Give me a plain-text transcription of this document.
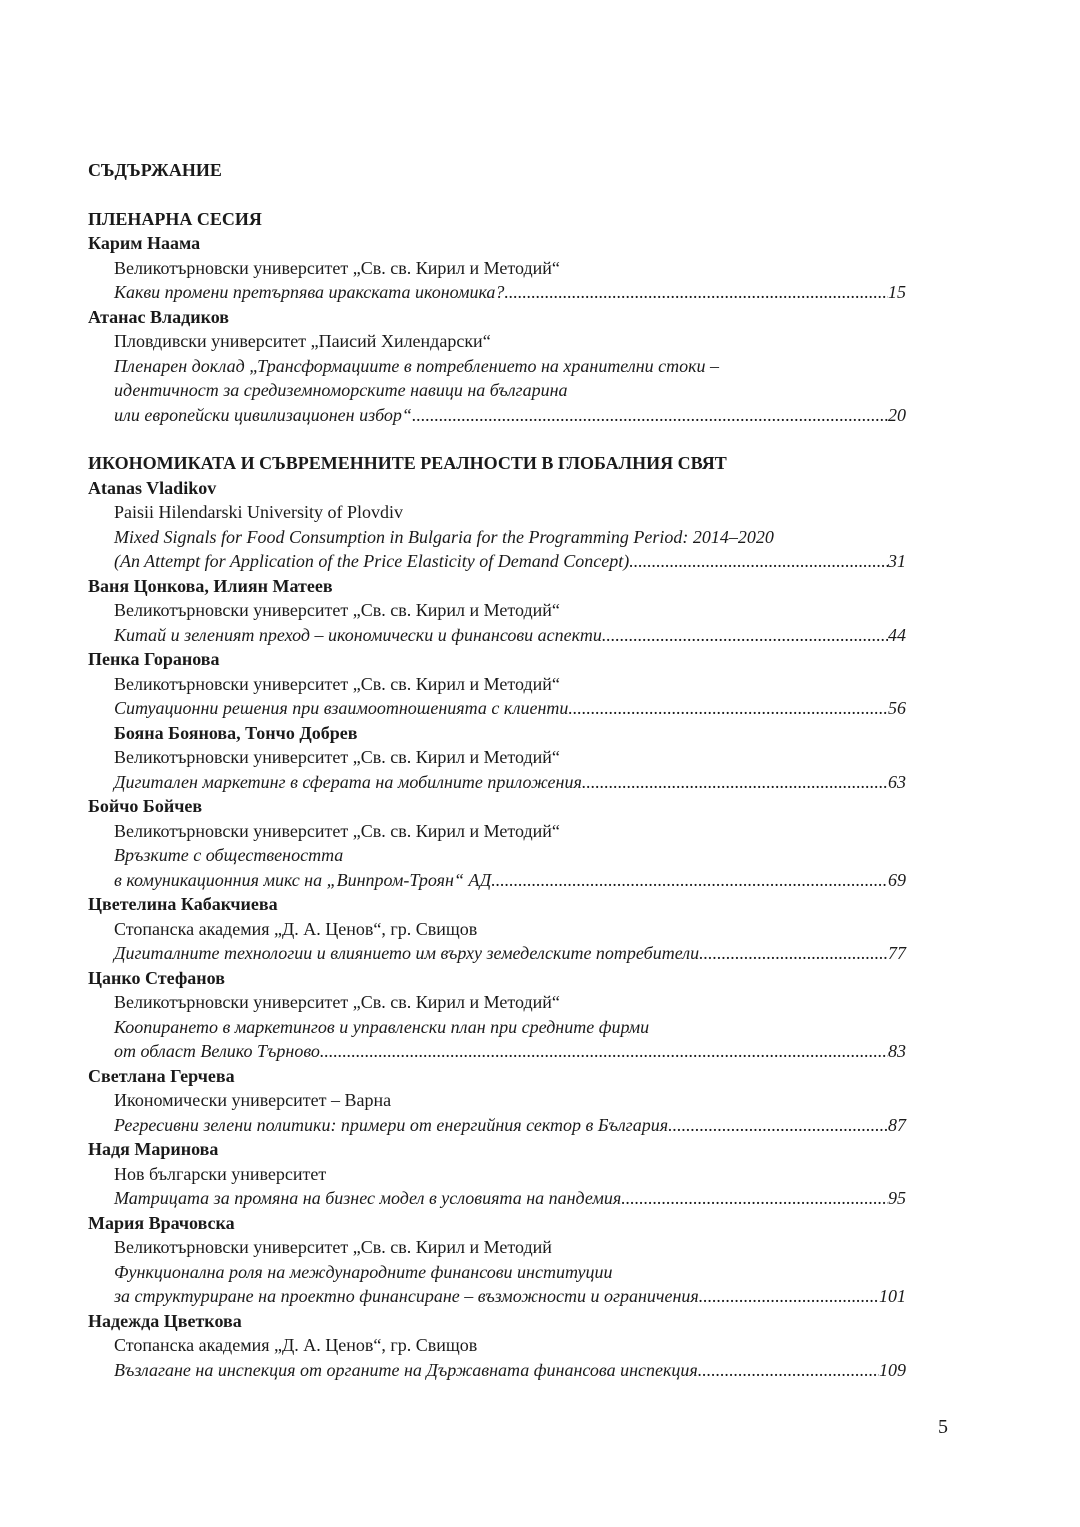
СЪДЪРЖАНИЕ
ПЛЕНАРНА СЕСИЯ
Карим Наама
Великотърновски университет „Св. св. Кирил и Методий“
Какви промени претърпява иракската икономика? .....	15
Атанас Владиков
Пловдивски университет „Паисий Хилендарски“
Пленарен доклад „Трансформациите в потреблението на хранителни стоки –
идентичност за средиземноморските навици на българина
или европейски цивилизационен избор“ .....	20
ИКОНОМИКАТА И СЪВРЕМЕННИТЕ РЕАЛНОСТИ В ГЛОБАЛНИЯ СВЯТ
Atanas Vladikov
Paisii Hilendarski University of Plovdiv
Mixed Signals for Food Consumption in Bulgaria for the Programming Period: 2014–2020
(An Attempt for Application of the Price Elasticity of Demand Concept) .....	31
Ваня Цонкова, Илиян Матеев
Великотърновски университет „Св. св. Кирил и Методий“
Китай и зеленият преход – икономически и финансови аспекти .....	44
Пенка Горанова
Великотърновски университет „Св. св. Кирил и Методий“
Ситуационни решения при взаимоотношенията с клиенти .....	56
Бояна Боянова, Тончо Добрев
Великотърновски университет „Св. св. Кирил и Методий“
Дигитален маркетинг в сферата на мобилните приложения .....	63
Бойчо Бойчев
Великотърновски университет „Св. св. Кирил и Методий“
Връзките с обществеността
в комуникационния микс на „Винпром-Троян“ АД .....	69
Цветелина Кабакчиева
Стопанска академия „Д. А. Ценов“, гр. Свищов
Дигиталните технологии и влиянието им върху земеделските потребители .....	77
Цанко Стефанов
Великотърновски университет „Св. св. Кирил и Методий“
Коопирането в маркетингов и управленски план при средните фирми
от област Велико Търново .....	83
Светлана Герчева
Икономически университет – Варна
Регресивни зелени политики: примери от енергийния сектор в България .....	87
Надя Маринова
Нов български университет
Матрицата за промяна на бизнес модел в условията на пандемия .....	95
Мария Врачовска
Великотърновски университет „Св. св. Кирил и Методий
Функционална роля на международните финансови институции
за структуриране на проектно финансиране – възможности и ограничения .....	101
Надежда Цветкова
Стопанска академия „Д. А. Ценов“, гр. Свищов
Възлагане на инспекция от органите на Държавната финансова инспекция .....	109
5
